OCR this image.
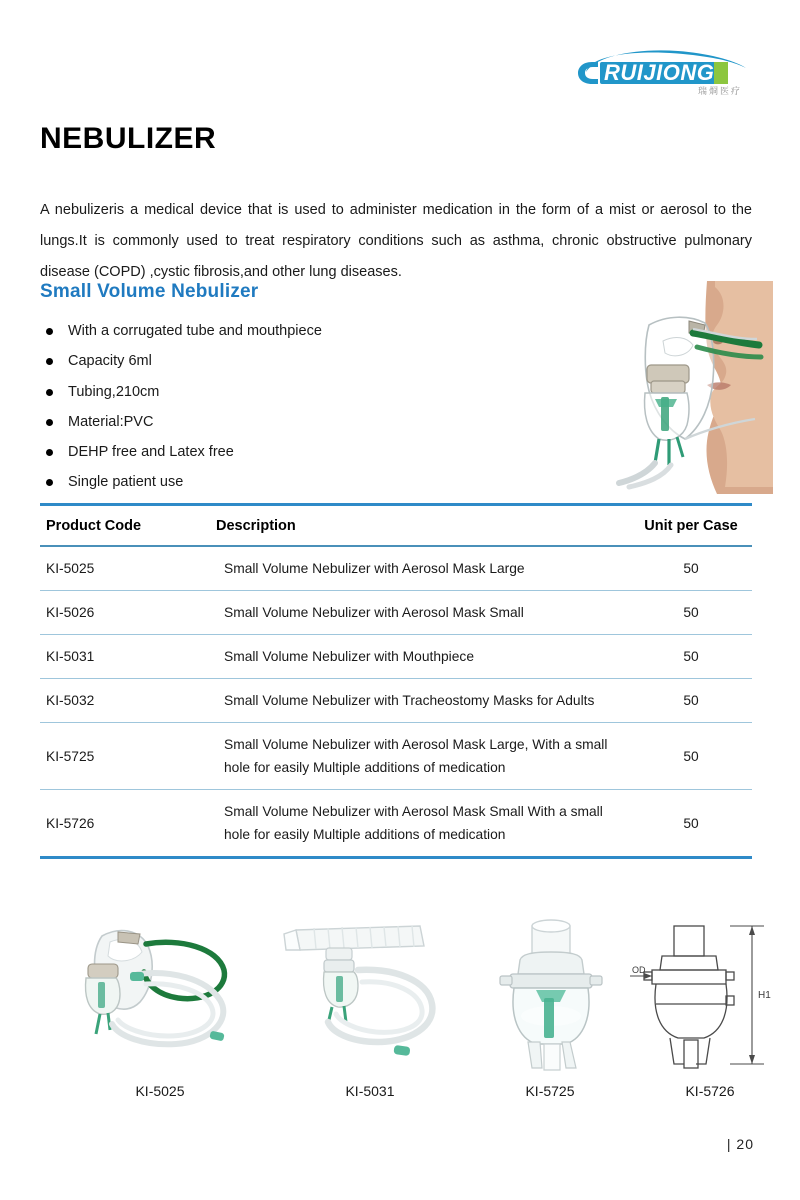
RUIJIONG
瑞烱医疗
NEBULIZER

A nebulizeris a medical device that is used to administer medication in the form of a mist or aerosol to the lungs.It is commonly used to treat respiratory conditions such as asthma, chronic obstructive pulmonary disease (COPD) ,cystic fibrosis,and other lung diseases.

Small Volume Nebulizer
With a corrugated tube and mouthpiece
Capacity 6ml
Tubing,210cm
Material:PVC
DEHP free and Latex free
Single patient use
Product Code	Description	Unit per Case
KI-5025	Small Volume Nebulizer with Aerosol Mask Large	50
KI-5026	Small Volume Nebulizer with Aerosol Mask Small	50
KI-5031	Small Volume Nebulizer with Mouthpiece	50
KI-5032	Small Volume Nebulizer with Tracheostomy Masks for Adults	50
KI-5725	Small Volume Nebulizer with Aerosol Mask Large, With a small hole for easily Multiple additions of medication	50
KI-5726	Small Volume Nebulizer with Aerosol Mask Small With a small hole for easily Multiple additions of medication	50
KI-5025	KI-5031	KI-5725
OD
H1
KI-5726
| 20
